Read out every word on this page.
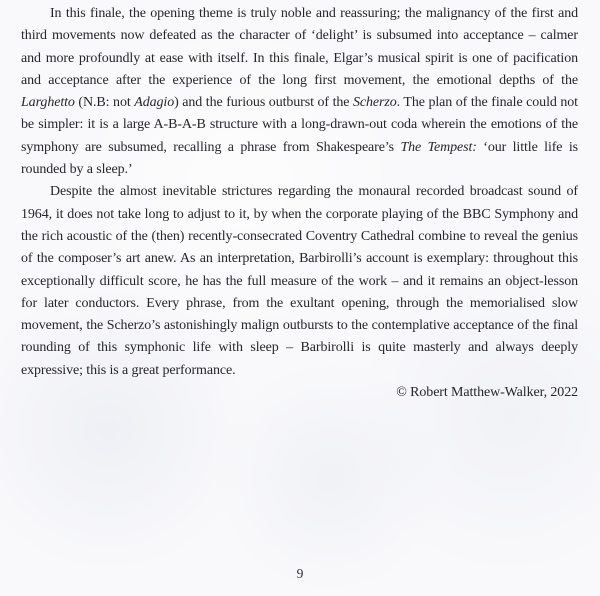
In this finale, the opening theme is truly noble and reassuring; the malignancy of the first and third movements now defeated as the character of ‘delight’ is subsumed into acceptance – calmer and more profoundly at ease with itself. In this finale, Elgar’s musical spirit is one of pacification and acceptance after the experience of the long first movement, the emotional depths of the Larghetto (N.B: not Adagio) and the furious outburst of the Scherzo. The plan of the finale could not be simpler: it is a large A-B-A-B structure with a long-drawn-out coda wherein the emotions of the symphony are subsumed, recalling a phrase from Shakespeare’s The Tempest: ‘our little life is rounded by a sleep.’

Despite the almost inevitable strictures regarding the monaural recorded broadcast sound of 1964, it does not take long to adjust to it, by when the corporate playing of the BBC Symphony and the rich acoustic of the (then) recently-consecrated Coventry Cathedral combine to reveal the genius of the composer’s art anew. As an interpretation, Barbirolli’s account is exemplary: throughout this exceptionally difficult score, he has the full measure of the work – and it remains an object-lesson for later conductors. Every phrase, from the exultant opening, through the memorialised slow movement, the Scherzo’s astonishingly malign outbursts to the contemplative acceptance of the final rounding of this symphonic life with sleep – Barbirolli is quite masterly and always deeply expressive; this is a great performance.

© Robert Matthew-Walker, 2022

9
